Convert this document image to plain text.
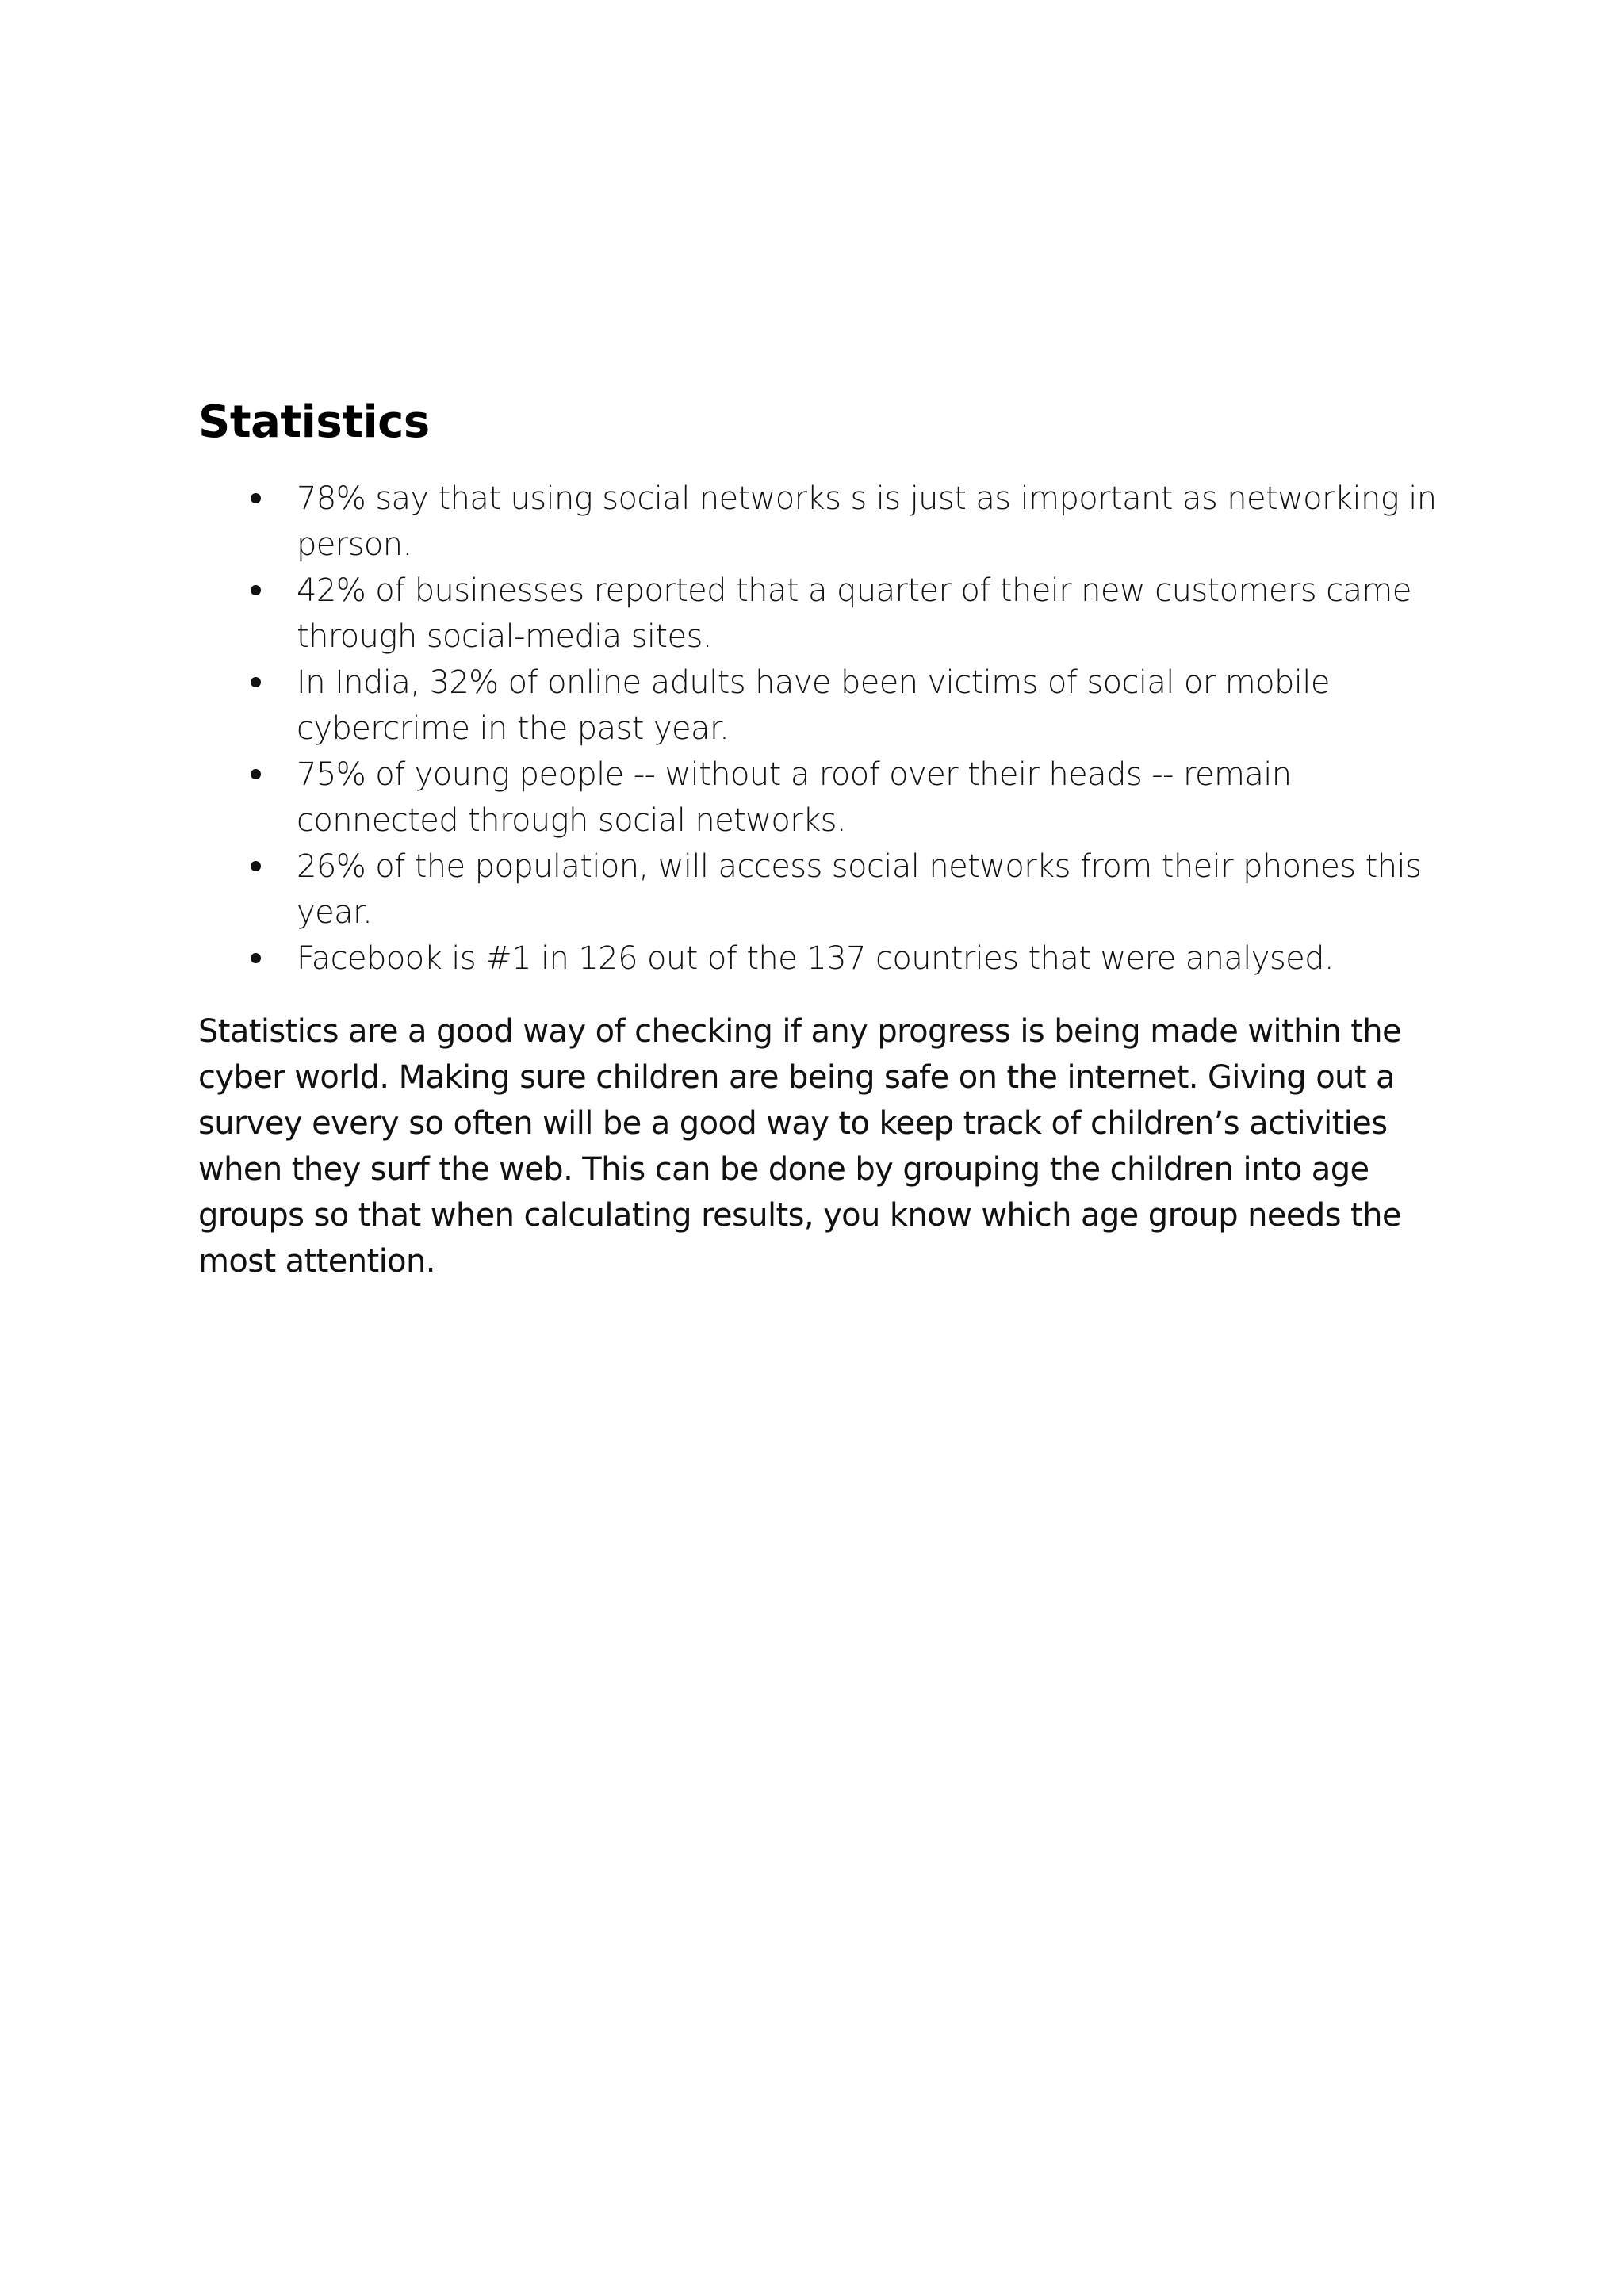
Statistics
78% say that using social networks s is just as important as networking in person.
42% of businesses reported that a quarter of their new customers came through social-media sites.
In India, 32% of online adults have been victims of social or mobile cybercrime in the past year.
75% of young people -- without a roof over their heads -- remain connected through social networks.
26% of the population, will access social networks from their phones this year.
Facebook is #1 in 126 out of the 137 countries that were analysed.

Statistics are a good way of checking if any progress is being made within the cyber world. Making sure children are being safe on the internet. Giving out a survey every so often will be a good way to keep track of children’s activities when they surf the web. This can be done by grouping the children into age groups so that when calculating results, you know which age group needs the most attention.
